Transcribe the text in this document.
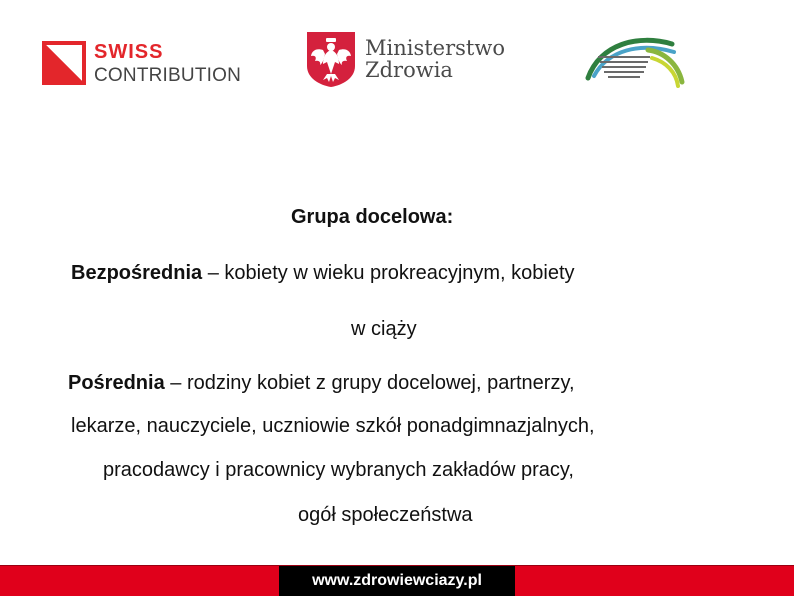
SWISS
CONTRIBUTION
Ministerstwo
Zdrowia
Grupa docelowa:
Bezpośrednia – kobiety w wieku prokreacyjnym, kobiety
w ciąży
Pośrednia – rodziny kobiet z grupy docelowej, partnerzy,
lekarze, nauczyciele, uczniowie szkół ponadgimnazjalnych,
pracodawcy i pracownicy wybranych zakładów pracy,
ogół społeczeństwa
www.zdrowiewciazy.pl
